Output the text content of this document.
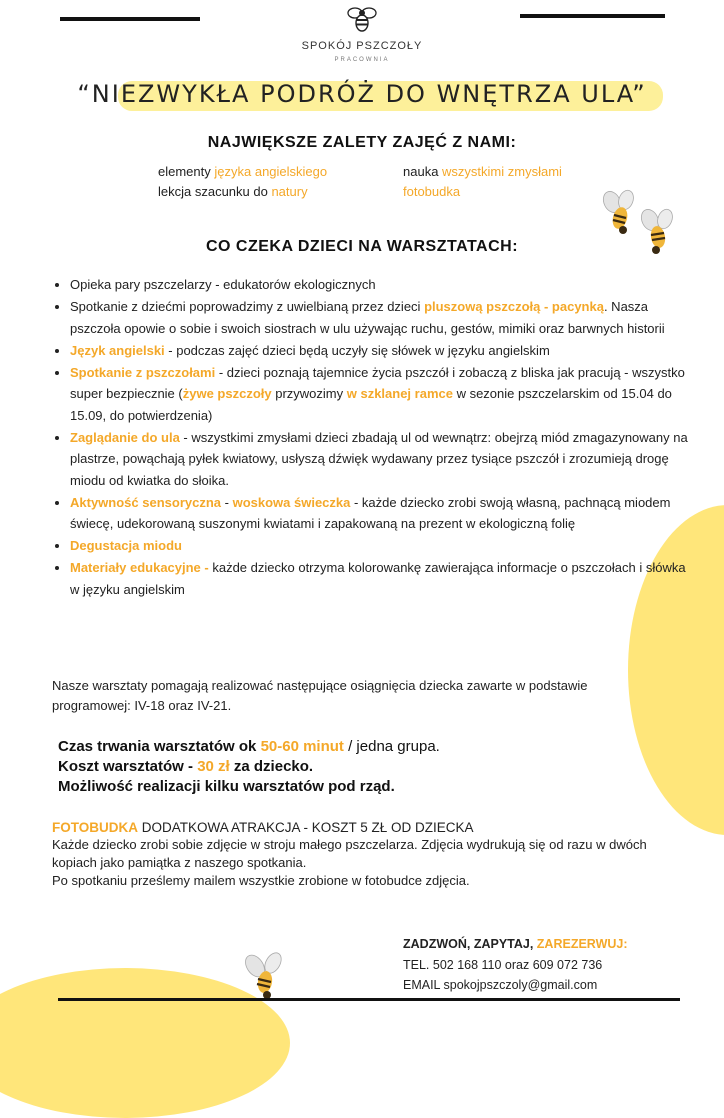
SPOKÓJ PSZCZOŁY
PRACOWNIA
“NIEZWYKŁA PODRÓŻ DO WNĘTRZA ULA”
NAJWIĘKSZE ZALETY ZAJĘĆ Z NAMI:
elementy języka angielskiego	nauka wszystkimi zmysłami
lekcja szacunku do natury	fotobudka
CO CZEKA DZIECI NA WARSZTATACH:
• Opieka pary pszczelarzy - edukatorów ekologicznych
• Spotkanie z dziećmi poprowadzimy z uwielbianą przez dzieci pluszową pszczołą - pacynką. Nasza pszczoła opowie o sobie i swoich siostrach w ulu używając ruchu, gestów, mimiki oraz barwnych historii
• Język angielski - podczas zajęć dzieci będą uczyły się słówek w języku angielskim
• Spotkanie z pszczołami - dzieci poznają tajemnice życia pszczół i zobaczą z bliska jak pracują - wszystko super bezpiecznie (żywe pszczoły przywozimy w szklanej ramce w sezonie pszczelarskim od 15.04 do 15.09, do potwierdzenia)
• Zaglądanie do ula - wszystkimi zmysłami dzieci zbadają ul od wewnątrz: obejrzą miód zmagazynowany na plastrze, powąchają pyłek kwiatowy, usłyszą dźwięk wydawany przez tysiące pszczół i zrozumieją drogę miodu od kwiatka do słoika.
• Aktywność sensoryczna - woskowa świeczka - każde dziecko zrobi swoją własną, pachnącą miodem świecę, udekorowaną suszonymi kwiatami i zapakowaną na prezent w ekologiczną folię
• Degustacja miodu
• Materiały edukacyjne - każde dziecko otrzyma kolorowankę zawierająca informacje o pszczołach i słówka w języku angielskim
Nasze warsztaty pomagają realizować następujące osiągnięcia dziecka zawarte w podstawie programowej: IV-18 oraz IV-21.
Czas trwania warsztatów ok 50-60 minut / jedna grupa.
Koszt warsztatów - 30 zł za dziecko.
Możliwość realizacji kilku warsztatów pod rząd.
FOTOBUDKA DODATKOWA ATRAKCJA - KOSZT 5 ZŁ OD DZIECKA
Każde dziecko zrobi sobie zdjęcie w stroju małego pszczelarza. Zdjęcia wydrukują się od razu w dwóch kopiach jako pamiątka z naszego spotkania.
Po spotkaniu prześlemy mailem wszystkie zrobione w fotobudce zdjęcia.
ZADZWOŃ, ZAPYTAJ, ZAREZERWUJ:
TEL. 502 168 110 oraz 609 072 736
EMAIL spokojpszczoly@gmail.com
